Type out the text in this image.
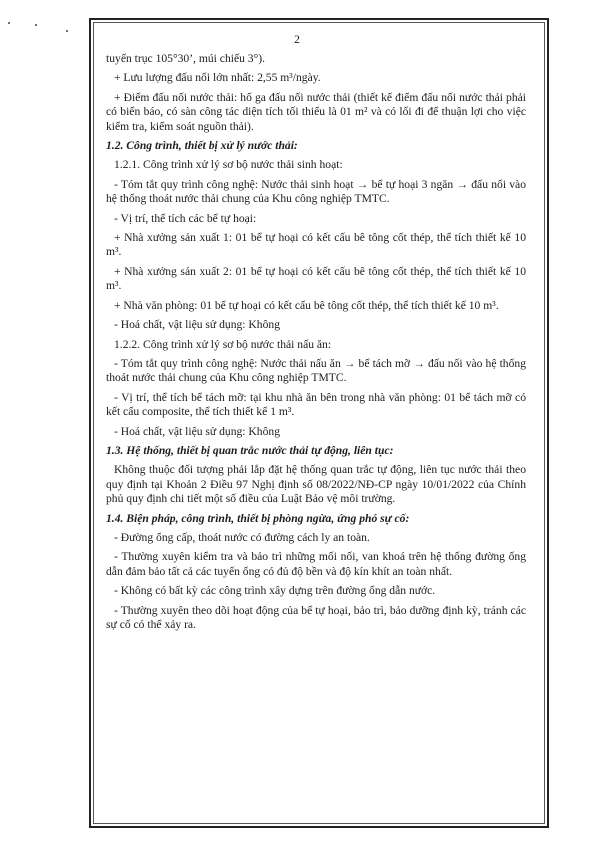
2
tuyến trục 105°30’, múi chiếu 3°).
+ Lưu lượng đấu nối lớn nhất: 2,55 m³/ngày.
+ Điểm đấu nối nước thải: hố ga đấu nối nước thải (thiết kế điểm đấu nối nước thải phải có biển báo, có sàn công tác diện tích tối thiểu là 01 m² và có lối đi để thuận lợi cho việc kiểm tra, kiểm soát nguồn thải).
1.2. Công trình, thiết bị xử lý nước thải:
1.2.1. Công trình xử lý sơ bộ nước thải sinh hoạt:
- Tóm tắt quy trình công nghệ: Nước thải sinh hoạt → bể tự hoại 3 ngăn → đấu nối vào hệ thống thoát nước thải chung của Khu công nghiệp TMTC.
- Vị trí, thể tích các bể tự hoại:
+ Nhà xưởng sản xuất 1: 01 bể tự hoại có kết cấu bê tông cốt thép, thể tích thiết kế 10 m³.
+ Nhà xưởng sản xuất 2: 01 bể tự hoại có kết cấu bê tông cốt thép, thể tích thiết kế 10 m³.
+ Nhà văn phòng: 01 bể tự hoại có kết cấu bê tông cốt thép, thể tích thiết kế 10 m³.
- Hoá chất, vật liệu sử dụng: Không
1.2.2. Công trình xử lý sơ bộ nước thải nấu ăn:
- Tóm tắt quy trình công nghệ: Nước thải nấu ăn → bể tách mỡ → đấu nối vào hệ thống thoát nước thải chung của Khu công nghiệp TMTC.
- Vị trí, thể tích bể tách mỡ: tại khu nhà ăn bên trong nhà văn phòng: 01 bể tách mỡ có kết cấu composite, thể tích thiết kế 1 m³.
- Hoá chất, vật liệu sử dụng: Không
1.3. Hệ thống, thiết bị quan trắc nước thải tự động, liên tục:
Không thuộc đối tượng phải lắp đặt hệ thống quan trắc tự động, liên tục nước thải theo quy định tại Khoản 2 Điều 97 Nghị định số 08/2022/NĐ-CP ngày 10/01/2022 của Chính phủ quy định chi tiết một số điều của Luật Bảo vệ môi trường.
1.4. Biện pháp, công trình, thiết bị phòng ngừa, ứng phó sự cố:
- Đường ống cấp, thoát nước có đường cách ly an toàn.
- Thường xuyên kiểm tra và bảo trì những mối nối, van khoá trên hệ thống đường ống dẫn đảm bảo tất cả các tuyến ống có đủ độ bền và độ kín khít an toàn nhất.
- Không có bất kỳ các công trình xây dựng trên đường ống dẫn nước.
- Thường xuyên theo dõi hoạt động của bể tự hoại, bảo trì, bảo dưỡng định kỳ, tránh các sự cố có thể xảy ra.
